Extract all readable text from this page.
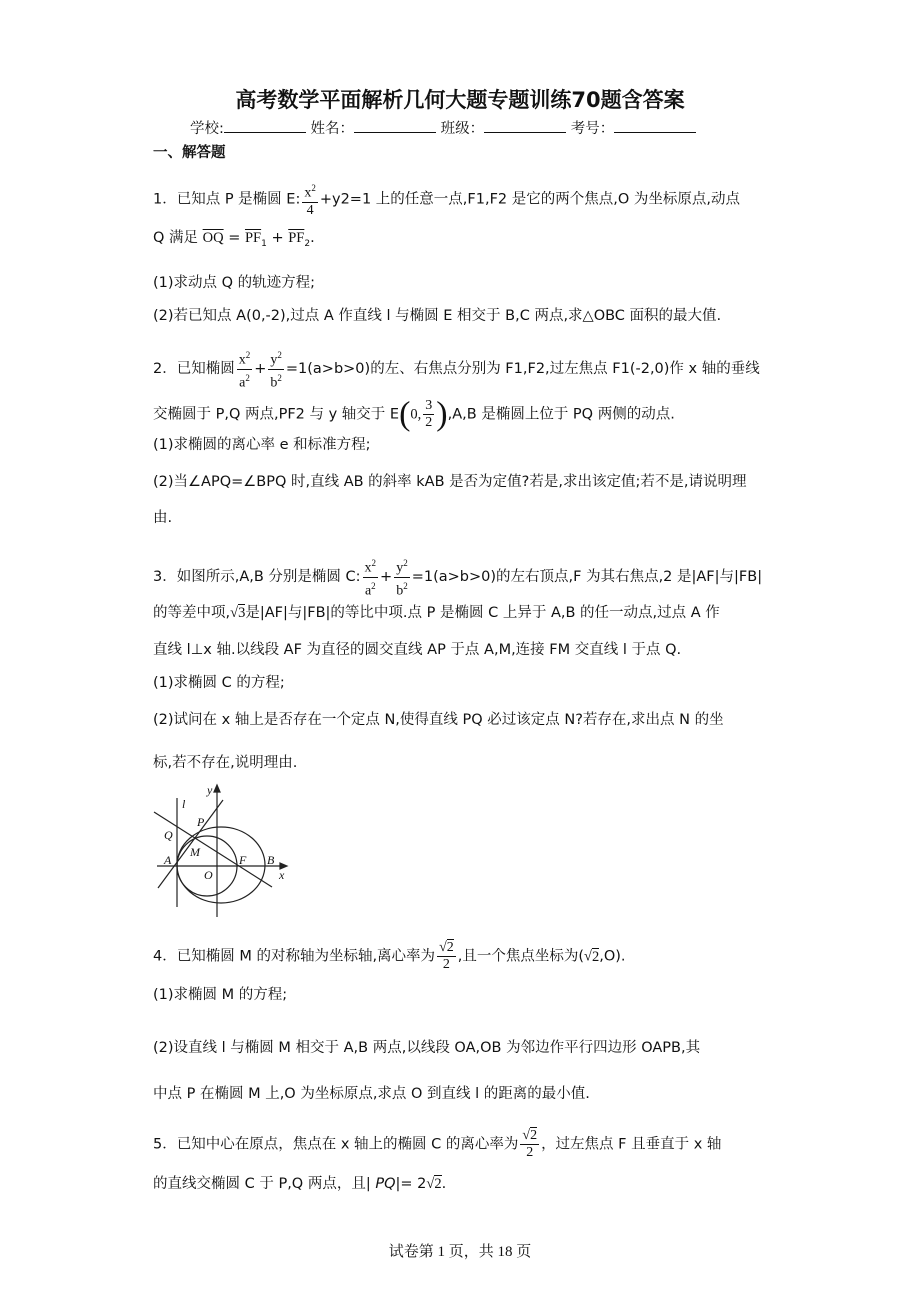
高考数学平面解析几何大题专题训练70题含答案
学校:	姓名：	班级：	考号：
一、解答题
1．已知点 P 是椭圆 E: $\frac{x^2}{4} +y2=1$ 上的任意一点,F1,F2 是它的两个焦点,O 为坐标原点,动点
Q 满足 $\overline{OQ} = \overline{PF}_1 + \overline{PF}_2$.
(1)求动点 Q 的轨迹方程;
(2)若已知点 A(0,-2),过点 A 作直线 l 与椭圆 E 相交于 B,C 两点,求△OBC 面积的最大值.
2．已知椭圆 $\frac{x^2}{a^2} + \frac{y^2}{b^2} =1(a>b>0)$的左、右焦点分别为 F1,F2,过左焦点 F1(-2,0)作 x 轴的垂线
交椭圆于 P,Q 两点,PF2 与 y 轴交于 E(0, $\frac{3}{2} ),A,B$ 是椭圆上位于 PQ 两侧的动点.
(1)求椭圆的离心率 e 和标准方程;
(2)当∠APQ=∠BPQ 时,直线 AB 的斜率 kAB 是否为定值?若是,求出该定值;若不是,请说明理
由.
3．如图所示,A,B 分别是椭圆 C: $\frac{x^2}{a^2} + \frac{y^2}{b^2} =1(a>b>0)$的左右顶点,F 为其右焦点,2 是|AF|与|FB|
的等差中项,√3是|AF|与|FB|的等比中项.点 P 是椭圆 C 上异于 A,B 的任一动点,过点 A 作
直线 l⊥x 轴.以线段 AF 为直径的圆交直线 AP 于点 A,M,连接 FM 交直线 l 于点 Q.
(1)求椭圆 C 的方程;
(2)试问在 x 轴上是否存在一个定点 N,使得直线 PQ 必过该定点 N?若存在,求出点 N 的坐
标,若不存在,说明理由.
l
y
P
Q
M
A	F B
O	x
4．已知椭圆 M 的对称轴为坐标轴,离心率为 $\frac{√2}{2}$ ,且一个焦点坐标为(√2,O).
(1)求椭圆 M 的方程;
(2)设直线 l 与椭圆 M 相交于 A,B 两点,以线段 OA,OB 为邻边作平行四边形 OAPB,其
中点 P 在椭圆 M 上,O 为坐标原点,求点 O 到直线 l 的距离的最小值.
5．已知中心在原点，焦点在 x 轴上的椭圆 C 的离心率为 $\frac{√2}{2}$ ，过左焦点 F 且垂直于 x 轴
的直线交椭圆 C 于 P,Q 两点，且| PQ|= 2√2.
试卷第 1 页，共 18 页
